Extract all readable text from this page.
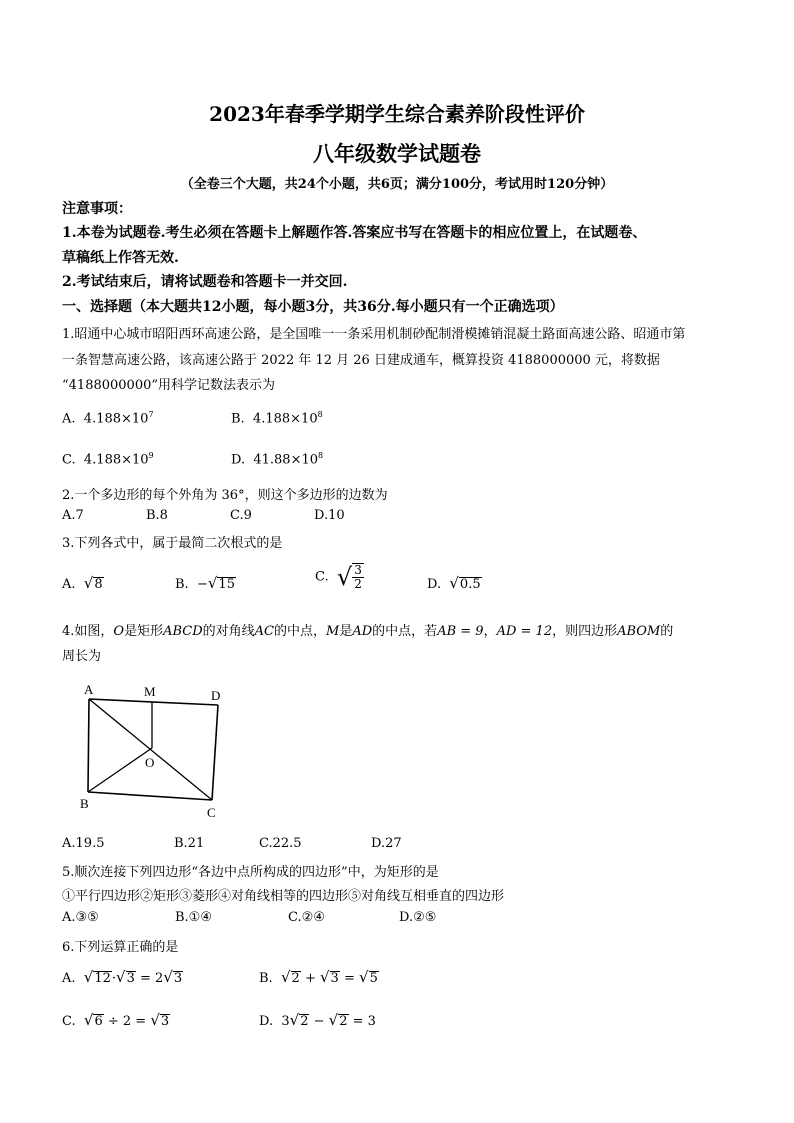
2023年春季学期学生综合素养阶段性评价
八年级数学试题卷
（全卷三个大题，共24个小题，共6页；满分100分，考试用时120分钟）
注意事项：
1.本卷为试题卷.考生必须在答题卡上解题作答.答案应书写在答题卡的相应位置上，在试题卷、
草稿纸上作答无效.
2.考试结束后，请将试题卷和答题卡一并交回.
一、选择题（本大题共12小题，每小题3分，共36分.每小题只有一个正确选项）
1.昭通中心城市昭阳西环高速公路，是全国唯一一条采用机制砂配制滑模摊销混凝土路面高速公路、昭通市第
一条智慧高速公路，该高速公路于 2022 年 12 月 26 日建成通车，概算投资 4188000000 元，将数据
“4188000000”用科学记数法表示为
A. $4.188\times 10^7$	B. $4.188\times 10^8$
C. $4.188\times 10^9$	D. $41.88\times 10^8$
2.一个多边形的每个外角为 36°，则这个多边形的边数为
A.7	B.8	C.9	D.10
3.下列各式中，属于最简二次根式的是
A. √8	B. −√15	C. √ $\frac{3}{2}$	D. √0.5
4.如图，O是矩形ABCD的对角线AC的中点，M是AD的中点，若AB = 9，AD = 12，则四边形ABOM的
周长为
A	M	D
O
B
C
A.19.5	B.21	C.22.5	D.27
5.顺次连接下列四边形“各边中点所构成的四边形”中，为矩形的是
①平行四边形②矩形③菱形④对角线相等的四边形⑤对角线互相垂直的四边形
A.③⑤	B.①④	C.②④	D.②⑤
6.下列运算正确的是
A. √12·√3 = 2√3	B. √2 + √3 = √5
C. √6 ÷ 2 = √3	D. 3√2 − √2 = 3
